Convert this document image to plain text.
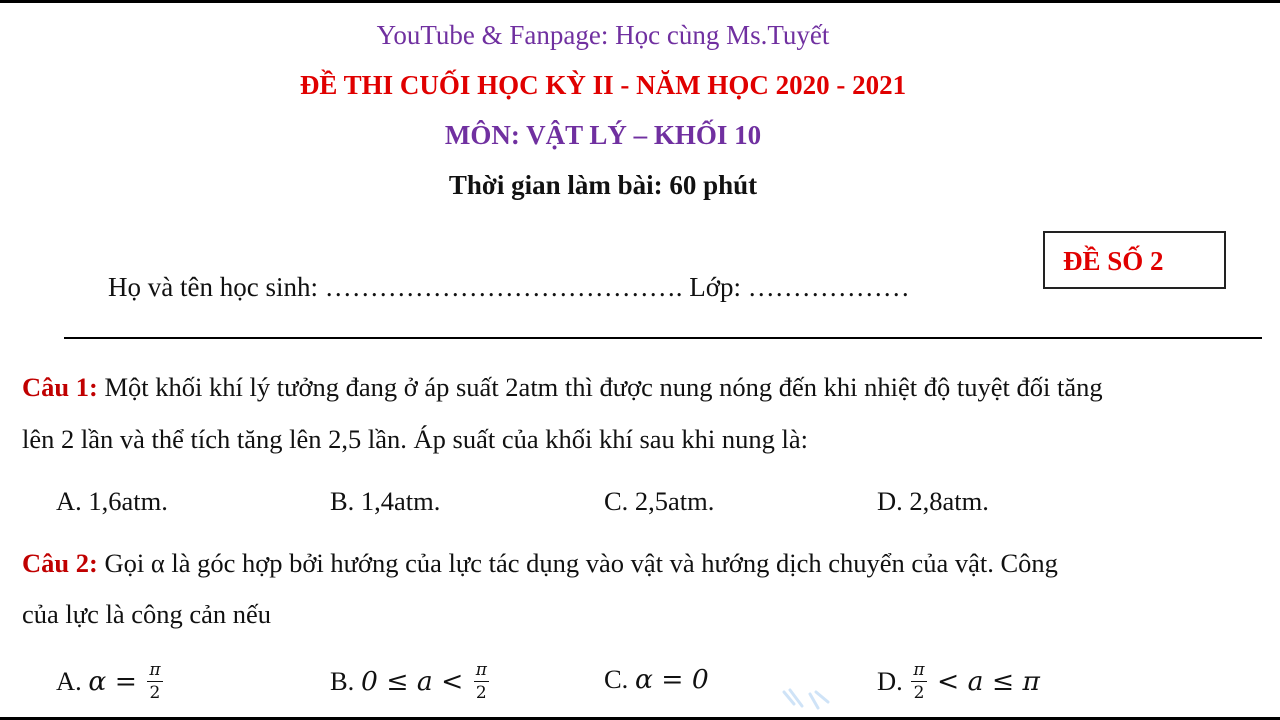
YouTube & Fanpage: Học cùng Ms.Tuyết
ĐỀ THI CUỐI HỌC KỲ II - NĂM HỌC 2020 - 2021
MÔN: VẬT LÝ – KHỐI 10
Thời gian làm bài: 60 phút
Họ và tên học sinh: …………………………………. Lớp: ………………
ĐỀ SỐ 2
Câu 1: Một khối khí lý tưởng đang ở áp suất 2atm thì được nung nóng đến khi nhiệt độ tuyệt đối tăng
lên 2 lần và thể tích tăng lên 2,5 lần. Áp suất của khối khí sau khi nung là:
A. 1,6atm.	B. 1,4atm.	C. 2,5atm.	D. 2,8atm.
Câu 2: Gọi α là góc hợp bởi hướng của lực tác dụng vào vật và hướng dịch chuyển của vật. Công
của lực là công cản nếu
A. $\alpha = \frac{\pi}{2}$	B. $0 \le a < \frac{\pi}{2}$	C. α = 0	D. $\frac{\pi}{2} < a \le \pi$
